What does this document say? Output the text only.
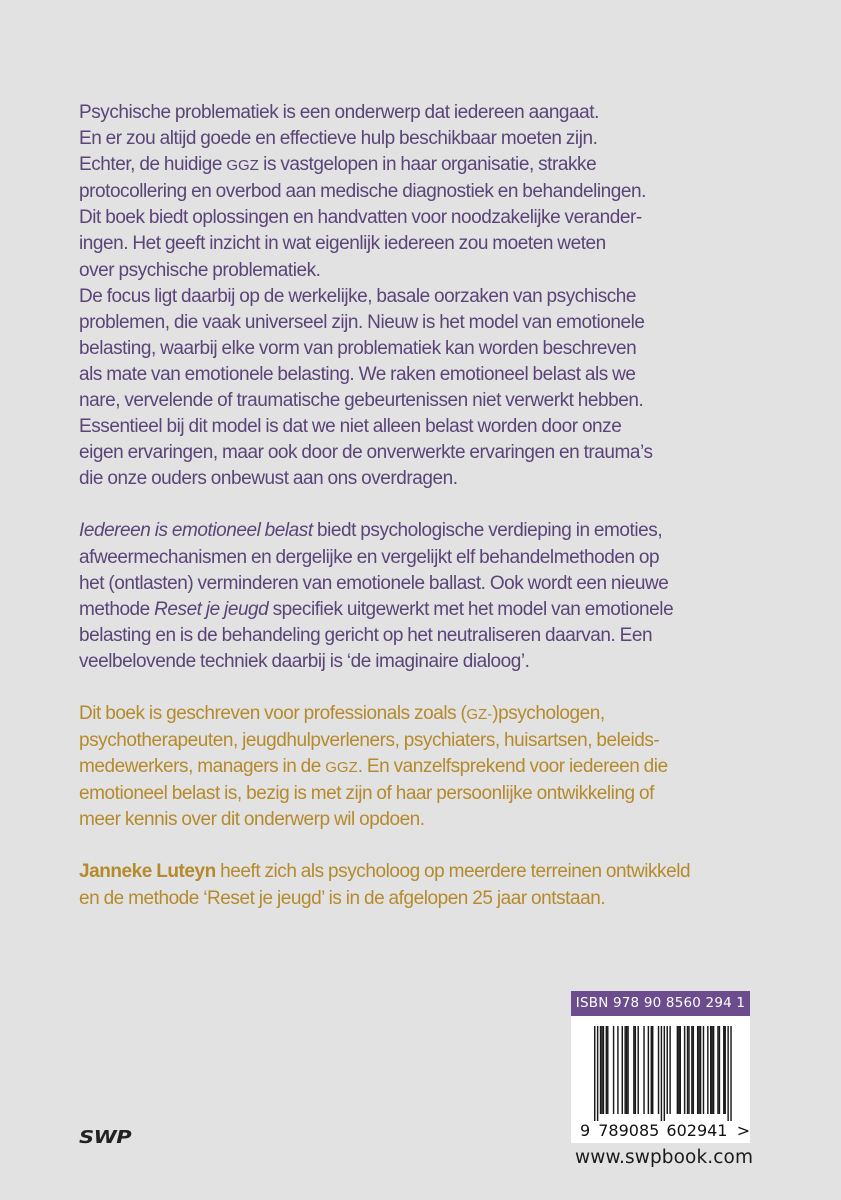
Psychische problematiek is een onderwerp dat iedereen aangaat.

En er zou altijd goede en effectieve hulp beschikbaar moeten zijn.

Echter, de huidige GGZ is vastgelopen in haar organisatie, strakke

protocollering en overbod aan medische diagnostiek en behandelingen.

Dit boek biedt oplossingen en handvatten voor noodzakelijke verander-

ingen. Het geeft inzicht in wat eigenlijk iedereen zou moeten weten

over psychische problematiek.

De focus ligt daarbij op de werkelijke, basale oorzaken van psychische

problemen, die vaak universeel zijn. Nieuw is het model van emotionele

belasting, waarbij elke vorm van problematiek kan worden beschreven

als mate van emotionele belasting. We raken emotioneel belast als we

nare, vervelende of traumatische gebeurtenissen niet verwerkt hebben.

Essentieel bij dit model is dat we niet alleen belast worden door onze

eigen ervaringen, maar ook door de onverwerkte ervaringen en trauma’s

die onze ouders onbewust aan ons overdragen.

Iedereen is emotioneel belast biedt psychologische verdieping in emoties,

afweermechanismen en dergelijke en vergelijkt elf behandelmethoden op

het (ontlasten) verminderen van emotionele ballast. Ook wordt een nieuwe

methode Reset je jeugd specifiek uitgewerkt met het model van emotionele

belasting en is de behandeling gericht op het neutraliseren daarvan. Een

veelbelovende techniek daarbij is ‘de imaginaire dialoog’.

Dit boek is geschreven voor professionals zoals (GZ-)psychologen,

psychotherapeuten, jeugdhulpverleners, psychiaters, huisartsen, beleids-

medewerkers, managers in de GGZ. En vanzelfsprekend voor iedereen die

emotioneel belast is, bezig is met zijn of haar persoonlijke ontwikkeling of

meer kennis over dit onderwerp wil opdoen.

Janneke Luteyn heeft zich als psycholoog op meerdere terreinen ontwikkeld

en de methode ‘Reset je jeugd’ is in de afgelopen 25 jaar ontstaan.

SWP
ISBN 978 90 8560 294 1
9 789085 602941 >
www.swpbook.com
